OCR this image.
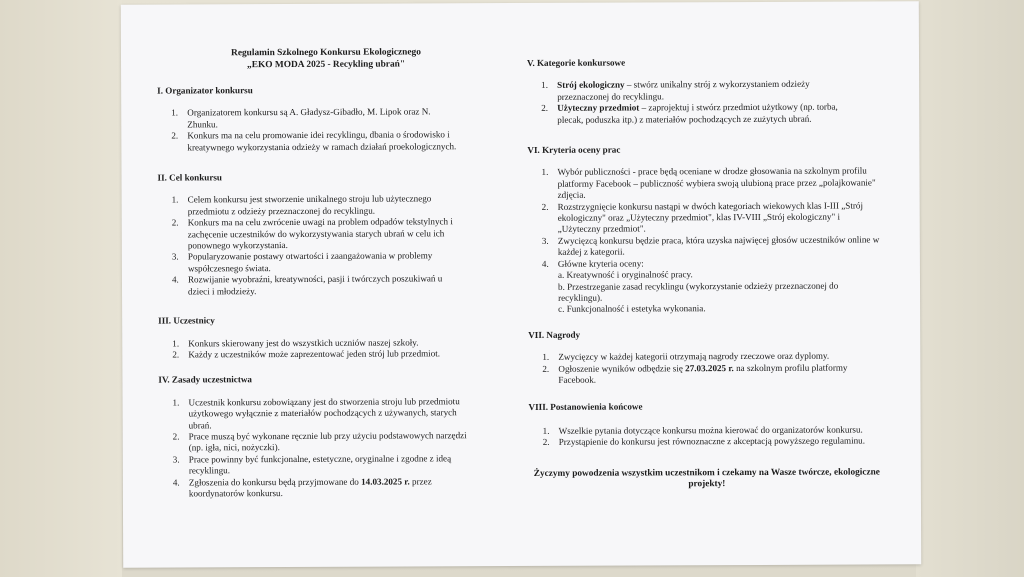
Regulamin Szkolnego Konkursu Ekologicznego
„EKO MODA 2025 - Recykling ubrań"

I. Organizator konkursu

1. Organizatorem konkursu są A. Gładysz-Gibadło, M. Lipok oraz N. Zhunku.
2. Konkurs ma na celu promowanie idei recyklingu, dbania o środowisko i kreatywnego wykorzystania odzieży w ramach działań proekologicznych.

II. Cel konkursu

1. Celem konkursu jest stworzenie unikalnego stroju lub użytecznego przedmiotu z odzieży przeznaczonej do recyklingu.
2. Konkurs ma na celu zwrócenie uwagi na problem odpadów tekstylnych i zachęcenie uczestników do wykorzystywania starych ubrań w celu ich ponownego wykorzystania.
3. Popularyzowanie postawy otwartości i zaangażowania w problemy współczesnego świata.
4. Rozwijanie wyobraźni, kreatywności, pasji i twórczych poszukiwań u dzieci i młodzieży.

III. Uczestnicy

1. Konkurs skierowany jest do wszystkich uczniów naszej szkoły.
2. Każdy z uczestników może zaprezentować jeden strój lub przedmiot.

IV. Zasady uczestnictwa

1. Uczestnik konkursu zobowiązany jest do stworzenia stroju lub przedmiotu użytkowego wyłącznie z materiałów pochodzących z używanych, starych ubrań.
2. Prace muszą być wykonane ręcznie lub przy użyciu podstawowych narzędzi (np. igła, nici, nożyczki).
3. Prace powinny być funkcjonalne, estetyczne, oryginalne i zgodne z ideą recyklingu.
4. Zgłoszenia do konkursu będą przyjmowane do 14.03.2025 r. przez koordynatorów konkursu.

V. Kategorie konkursowe

1. Strój ekologiczny – stwórz unikalny strój z wykorzystaniem odzieży przeznaczonej do recyklingu.
2. Użyteczny przedmiot – zaprojektuj i stwórz przedmiot użytkowy (np. torba, plecak, poduszka itp.) z materiałów pochodzących ze zużytych ubrań.

VI. Kryteria oceny prac

1. Wybór publiczności - prace będą oceniane w drodze głosowania na szkolnym profilu platformy Facebook – publiczność wybiera swoją ulubioną prace przez „polajkowanie" zdjęcia.
2. Rozstrzygnięcie konkursu nastąpi w dwóch kategoriach wiekowych klas I-III „Strój ekologiczny" oraz „Użyteczny przedmiot", klas IV-VIII „Strój ekologiczny" i „Użyteczny przedmiot".
3. Zwycięzcą konkursu będzie praca, która uzyska najwięcej głosów uczestników online w każdej z kategorii.
4. Główne kryteria oceny:
a. Kreatywność i oryginalność pracy.
b. Przestrzeganie zasad recyklingu (wykorzystanie odzieży przeznaczonej do recyklingu).
c. Funkcjonalność i estetyka wykonania.

VII. Nagrody

1. Zwycięzcy w każdej kategorii otrzymają nagrody rzeczowe oraz dyplomy.
2. Ogłoszenie wyników odbędzie się 27.03.2025 r. na szkolnym profilu platformy Facebook.

VIII. Postanowienia końcowe

1. Wszelkie pytania dotyczące konkursu można kierować do organizatorów konkursu.
2. Przystąpienie do konkursu jest równoznaczne z akceptacją powyższego regulaminu.
Życzymy powodzenia wszystkim uczestnikom i czekamy na Wasze twórcze, ekologiczne projekty!
